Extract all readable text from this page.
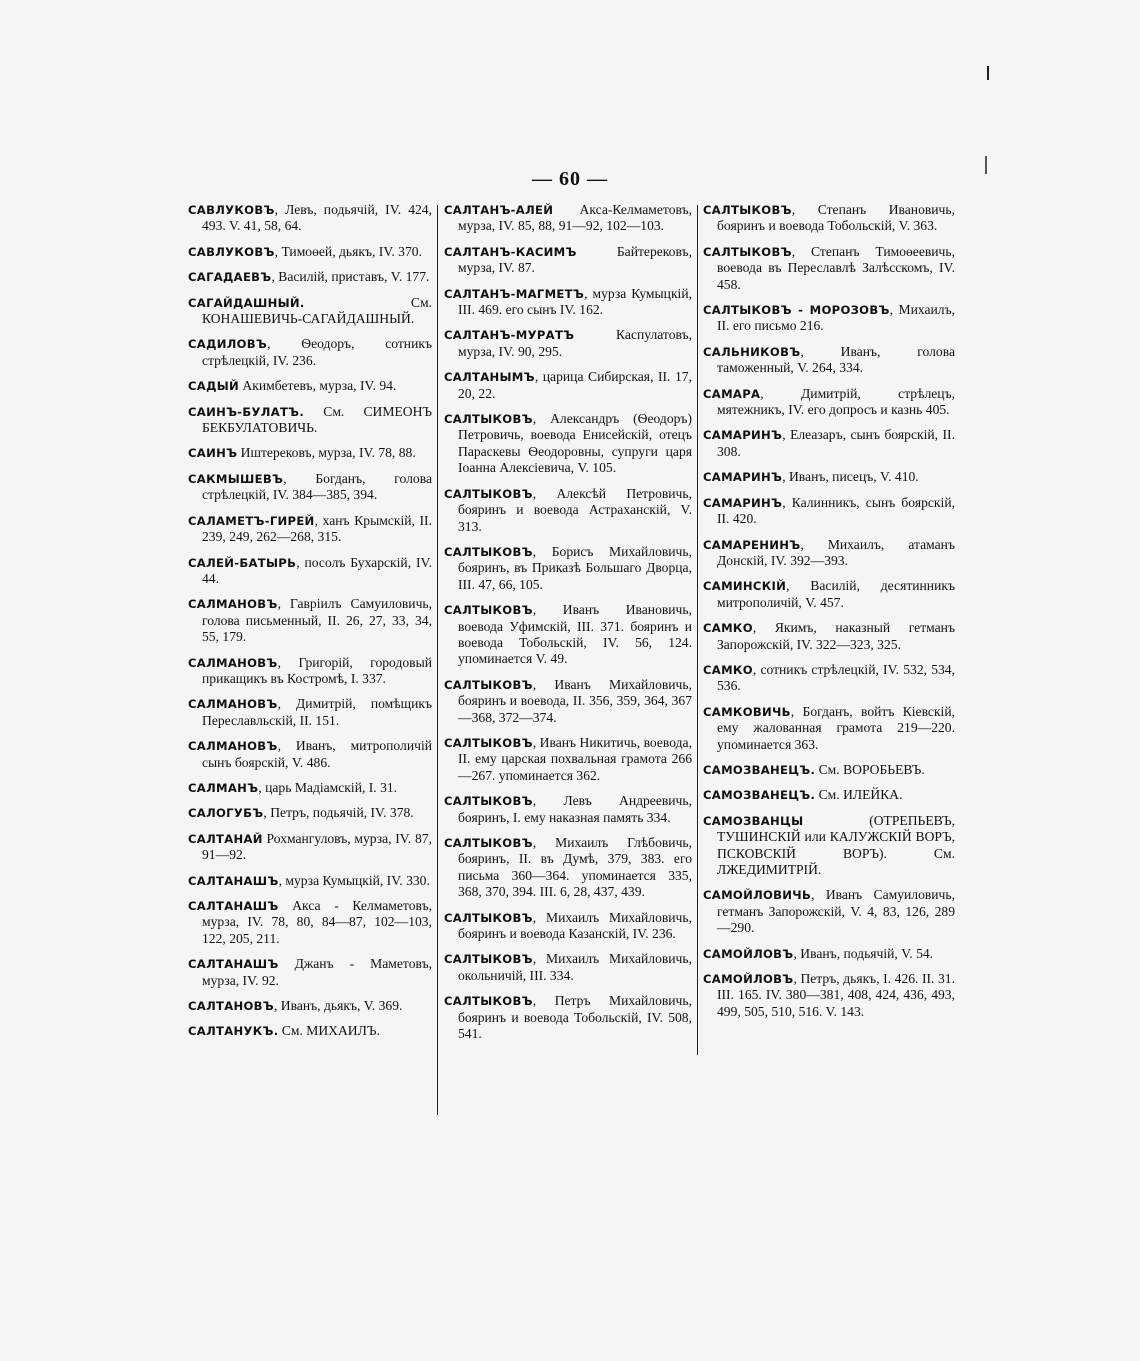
— 60 —

САВЛУКОВЪ, Левъ, подьячій, IV. 424, 493. V. 41, 58, 64.

САВЛУКОВЪ, Тимоѳей, дьякъ, IV. 370.

САГАДАЕВЪ, Василій, приставъ, V. 177.

САГАЙДАШНЫЙ. См. КОНАШЕВИЧЬ-САГАЙДАШНЫЙ.

САДИЛОВЪ, Ѳеодоръ, сотникъ стрѣлецкій, IV. 236.

САДЫЙ Акимбетевъ, мурза, IV. 94.

САИНЪ-БУЛАТЪ. См. СИМЕОНЪ БЕКБУЛАТОВИЧЬ.

САИНЪ Иштерековъ, мурза, IV. 78, 88.

САКМЫШЕВЪ, Богданъ, голова стрѣлецкій, IV. 384—385, 394.

САЛАМЕТЪ-ГИРЕЙ, ханъ Крымскій, II. 239, 249, 262—268, 315.

САЛЕЙ-БАТЫРЬ, посолъ Бухарскій, IV. 44.

САЛМАНОВЪ, Гавріилъ Самуиловичь, голова письменный, II. 26, 27, 33, 34, 55, 179.

САЛМАНОВЪ, Григорій, городовый прикащикъ въ Костромѣ, I. 337.

САЛМАНОВЪ, Димитрій, помѣщикъ Переславльскій, II. 151.

САЛМАНОВЪ, Иванъ, митрополичій сынъ боярскій, V. 486.

САЛМАНЪ, царь Мадіамскій, I. 31.

САЛОГУБЪ, Петръ, подьячій, IV. 378.

САЛТАНАЙ Рохмангуловъ, мурза, IV. 87, 91—92.

САЛТАНАШЪ, мурза Кумыцкій, IV. 330.

САЛТАНАШЪ Акса - Келмаметовъ, мурза, IV. 78, 80, 84—87, 102—103, 122, 205, 211.

САЛТАНАШЪ Джанъ - Маметовъ, мурза, IV. 92.

САЛТАНОВЪ, Иванъ, дьякъ, V. 369.

САЛТАНУКЪ. См. МИХАИЛЪ.

САЛТАНЪ-АЛЕЙ Акса-Келмаметовъ, мурза, IV. 85, 88, 91—92, 102—103.

САЛТАНЪ-КАСИМЪ Байтерековъ, мурза, IV. 87.

САЛТАНЪ-МАГМЕТЪ, мурза Кумыцкій, III. 469. его сынъ IV. 162.

САЛТАНЪ-МУРАТЪ Каспулатовъ, мурза, IV. 90, 295.

САЛТАНЫМЪ, царица Сибирская, II. 17, 20, 22.

САЛТЫКОВЪ, Александръ (Ѳеодоръ) Петровичь, воевода Енисейскій, отецъ Параскевы Ѳеодоровны, супруги царя Іоанна Алексіевича, V. 105.

САЛТЫКОВЪ, Алексѣй Петровичь, бояринъ и воевода Астраханскій, V. 313.

САЛТЫКОВЪ, Борисъ Михайловичь, бояринъ, въ Приказѣ Большаго Дворца, III. 47, 66, 105.

САЛТЫКОВЪ, Иванъ Ивановичь, воевода Уфимскій, III. 371. бояринъ и воевода Тобольскій, IV. 56, 124. упоминается V. 49.

САЛТЫКОВЪ, Иванъ Михайловичь, бояринъ и воевода, II. 356, 359, 364, 367—368, 372—374.

САЛТЫКОВЪ, Иванъ Никитичь, воевода, II. ему царская похвальная грамота 266—267. упоминается 362.

САЛТЫКОВЪ, Левъ Андреевичь, бояринъ, I. ему наказная память 334.

САЛТЫКОВЪ, Михаилъ Глѣбовичь, бояринъ, II. въ Думѣ, 379, 383. его письма 360—364. упоминается 335, 368, 370, 394. III. 6, 28, 437, 439.

САЛТЫКОВЪ, Михаилъ Михайловичь, бояринъ и воевода Казанскій, IV. 236.

САЛТЫКОВЪ, Михаилъ Михайловичь, окольничій, III. 334.

САЛТЫКОВЪ, Петръ Михайловичь, бояринъ и воевода Тобольскій, IV. 508, 541.

САЛТЫКОВЪ, Степанъ Ивановичь, бояринъ и воевода Тобольскій, V. 363.

САЛТЫКОВЪ, Степанъ Тимоѳеевичь, воевода въ Переславлѣ Залѣсскомъ, IV. 458.

САЛТЫКОВЪ - МОРОЗОВЪ, Михаилъ, II. его письмо 216.

САЛЬНИКОВЪ, Иванъ, голова таможенный, V. 264, 334.

САМАРА, Димитрій, стрѣлецъ, мятежникъ, IV. его допросъ и казнь 405.

САМАРИНЪ, Елеазаръ, сынъ боярскій, II. 308.

САМАРИНЪ, Иванъ, писецъ, V. 410.

САМАРИНЪ, Калинникъ, сынъ боярскій, II. 420.

САМАРЕНИНЪ, Михаилъ, атаманъ Донскій, IV. 392—393.

САМИНСКІЙ, Василій, десятинникъ митрополичій, V. 457.

САМКО, Якимъ, наказный гетманъ Запорожскій, IV. 322—323, 325.

САМКО, сотникъ стрѣлецкій, IV. 532, 534, 536.

САМКОВИЧЬ, Богданъ, войтъ Кіевскій, ему жалованная грамота 219—220. упоминается 363.

САМОЗВАНЕЦЪ. См. ВОРОБЬЕВЪ.

САМОЗВАНЕЦЪ. См. ИЛЕЙКА.

САМОЗВАНЦЫ (ОТРЕПЬЕВЪ, ТУШИНСКІЙ или КАЛУЖСКІЙ ВОРЪ, ПСКОВСКІЙ ВОРЪ). См. ЛЖЕДИМИТРІЙ.

САМОЙЛОВИЧЬ, Иванъ Самуиловичь, гетманъ Запорожскій, V. 4, 83, 126, 289—290.

САМОЙЛОВЪ, Иванъ, подьячій, V. 54.

САМОЙЛОВЪ, Петръ, дьякъ, I. 426. II. 31. III. 165. IV. 380—381, 408, 424, 436, 493, 499, 505, 510, 516. V. 143.
